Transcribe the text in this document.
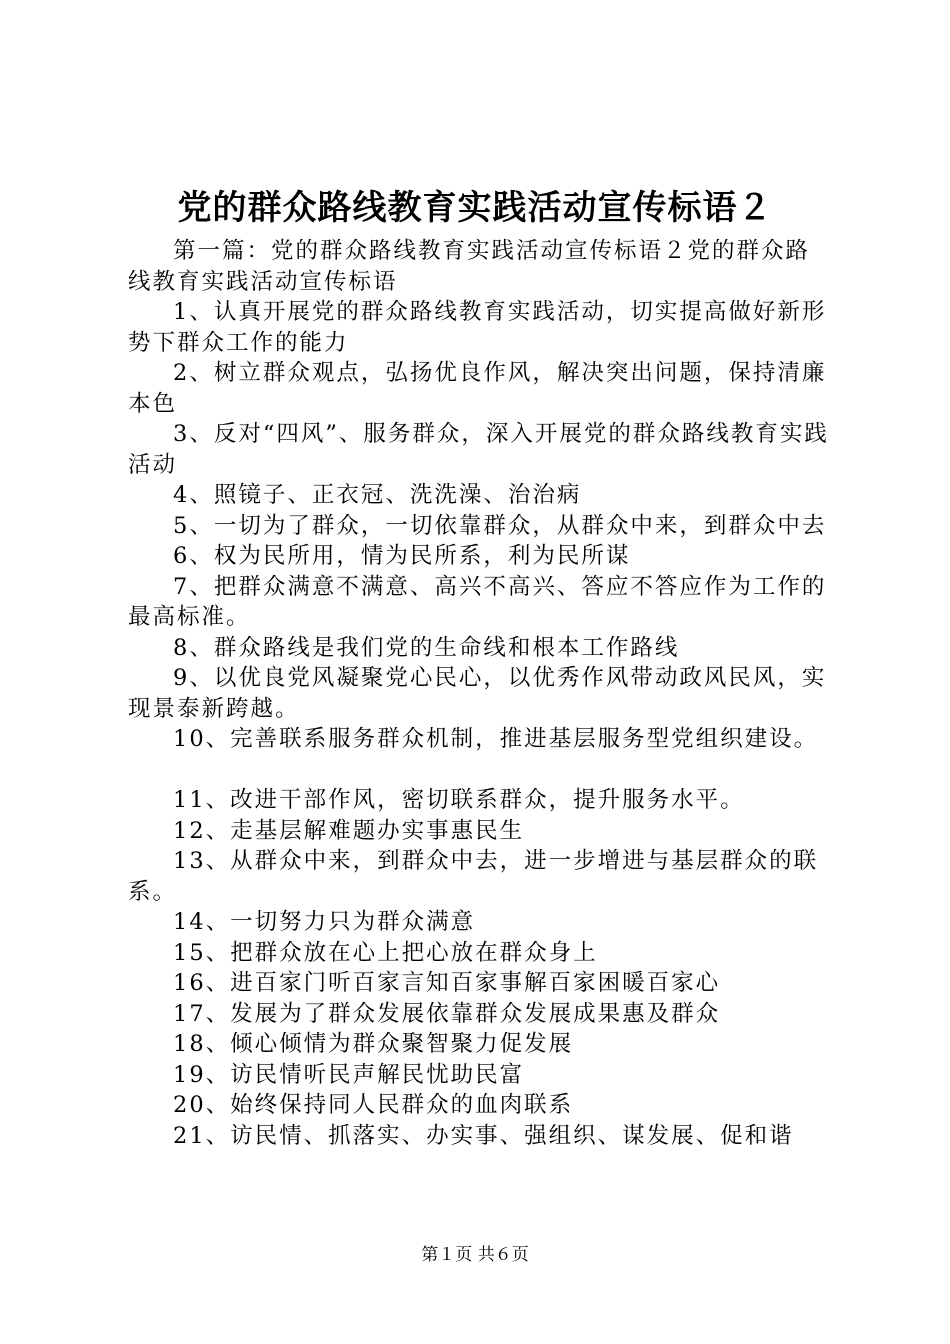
党的群众路线教育实践活动宣传标语２

第一篇：党的群众路线教育实践活动宣传标语２党的群众路线教育实践活动宣传标语

1、认真开展党的群众路线教育实践活动，切实提高做好新形势下群众工作的能力

2、树立群众观点，弘扬优良作风，解决突出问题，保持清廉本色

3、反对“四风”、服务群众，深入开展党的群众路线教育实践活动

4、照镜子、正衣冠、洗洗澡、治治病

5、一切为了群众，一切依靠群众，从群众中来，到群众中去

6、权为民所用，情为民所系，利为民所谋

7、把群众满意不满意、高兴不高兴、答应不答应作为工作的最高标准。

8、群众路线是我们党的生命线和根本工作路线

9、以优良党风凝聚党心民心，以优秀作风带动政风民风，实现景泰新跨越。

10、完善联系服务群众机制，推进基层服务型党组织建设。

11、改进干部作风，密切联系群众，提升服务水平。

12、走基层解难题办实事惠民生

13、从群众中来，到群众中去，进一步增进与基层群众的联系。

14、一切努力只为群众满意

15、把群众放在心上把心放在群众身上

16、进百家门听百家言知百家事解百家困暖百家心

17、发展为了群众发展依靠群众发展成果惠及群众

18、倾心倾情为群众聚智聚力促发展

19、访民情听民声解民忧助民富

20、始终保持同人民群众的血肉联系

21、访民情、抓落实、办实事、强组织、谋发展、促和谐

第１页 共６页
